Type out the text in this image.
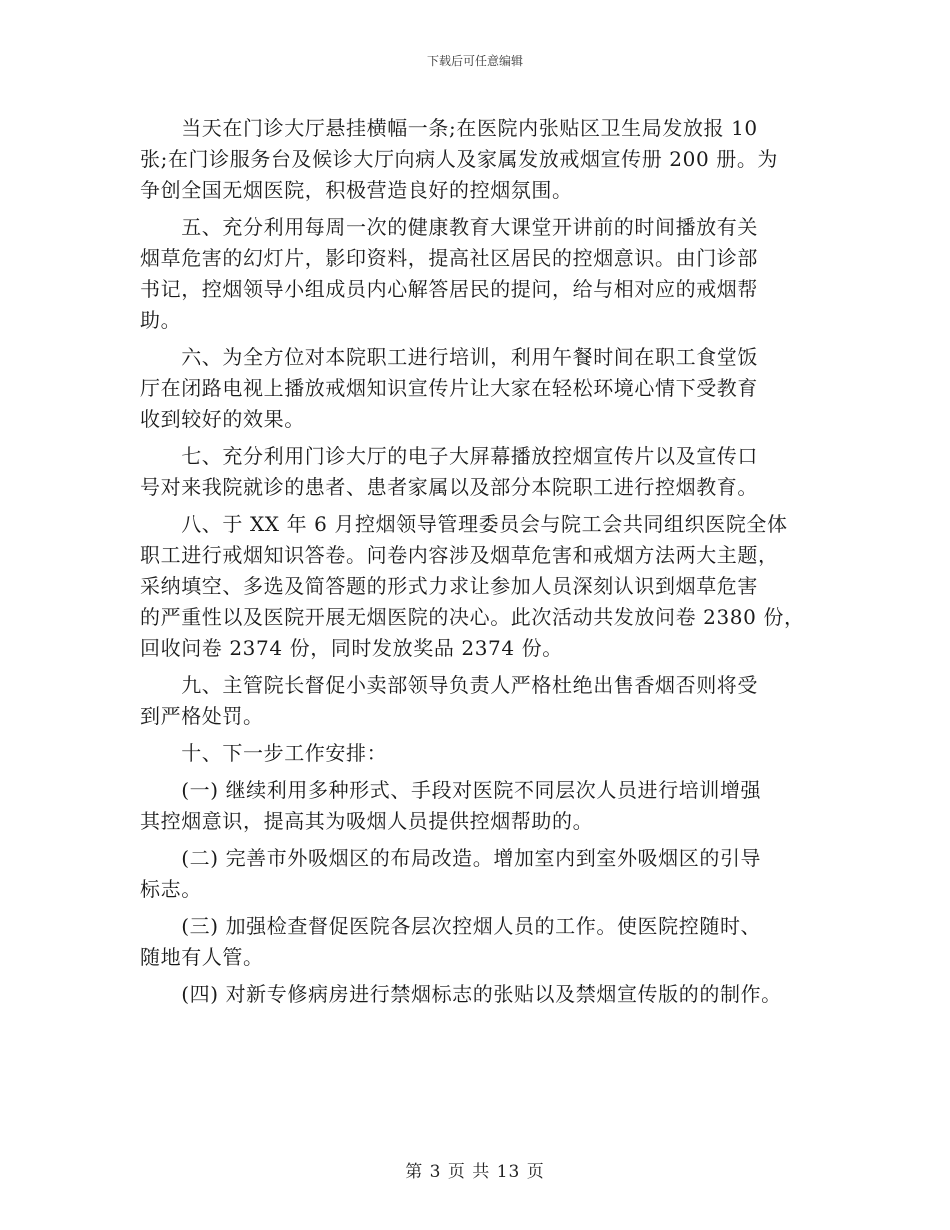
下载后可任意编辑
　　当天在门诊大厅悬挂横幅一条;在医院内张贴区卫生局发放报 10
张;在门诊服务台及候诊大厅向病人及家属发放戒烟宣传册 200 册。为
争创全国无烟医院，积极营造良好的控烟氛围。
　　五、充分利用每周一次的健康教育大课堂开讲前的时间播放有关
烟草危害的幻灯片，影印资料，提高社区居民的控烟意识。由门诊部
书记，控烟领导小组成员内心解答居民的提问，给与相对应的戒烟帮
助。
　　六、为全方位对本院职工进行培训，利用午餐时间在职工食堂饭
厅在闭路电视上播放戒烟知识宣传片让大家在轻松环境心情下受教育
收到较好的效果。
　　七、充分利用门诊大厅的电子大屏幕播放控烟宣传片以及宣传口
号对来我院就诊的患者、患者家属以及部分本院职工进行控烟教育。
　　八、于 XX 年 6 月控烟领导管理委员会与院工会共同组织医院全体
职工进行戒烟知识答卷。问卷内容涉及烟草危害和戒烟方法两大主题，
采纳填空、多选及简答题的形式力求让参加人员深刻认识到烟草危害
的严重性以及医院开展无烟医院的决心。此次活动共发放问卷 2380 份，
回收问卷 2374 份，同时发放奖品 2374 份。
　　九、主管院长督促小卖部领导负责人严格杜绝出售香烟否则将受
到严格处罚。
　　十、下一步工作安排：
　　(一) 继续利用多种形式、手段对医院不同层次人员进行培训增强
其控烟意识，提高其为吸烟人员提供控烟帮助的。
　　(二) 完善市外吸烟区的布局改造。增加室内到室外吸烟区的引导
标志。
　　(三) 加强检查督促医院各层次控烟人员的工作。使医院控随时、
随地有人管。
　　(四) 对新专修病房进行禁烟标志的张贴以及禁烟宣传版的的制作。
第 3 页 共 13 页
